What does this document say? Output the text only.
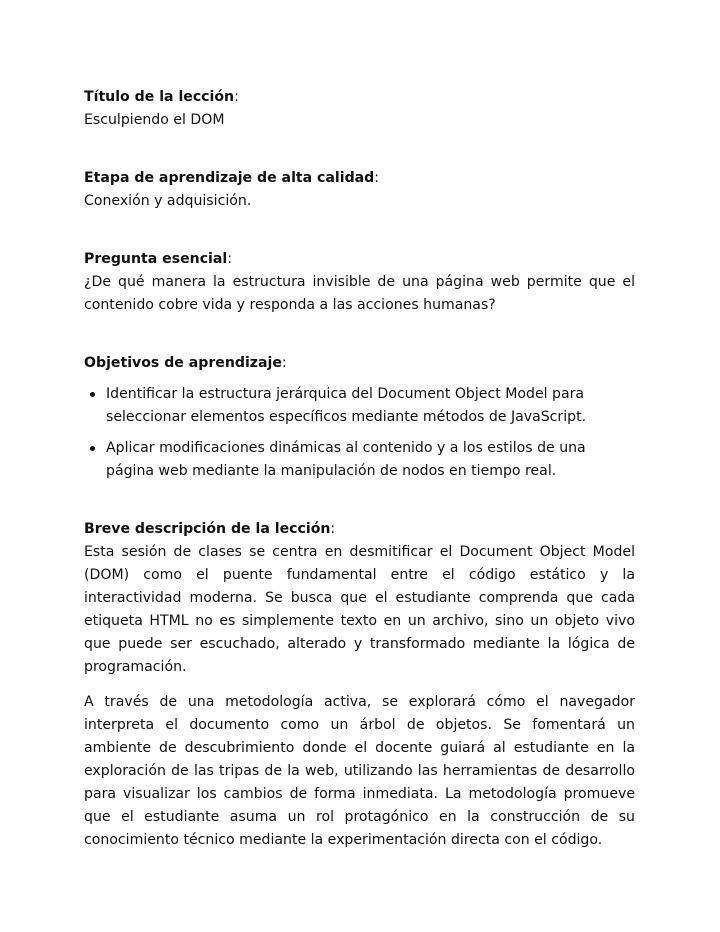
Título de la lección:

Esculpiendo el DOM

Etapa de aprendizaje de alta calidad:

Conexión y adquisición.

Pregunta esencial:

¿De qué manera la estructura invisible de una página web permite que el contenido cobre vida y responda a las acciones humanas?

Objetivos de aprendizaje:

Identificar la estructura jerárquica del Document Object Model para seleccionar elementos específicos mediante métodos de JavaScript.
Aplicar modificaciones dinámicas al contenido y a los estilos de una página web mediante la manipulación de nodos en tiempo real.

Breve descripción de la lección:

Esta sesión de clases se centra en desmitificar el Document Object Model (DOM) como el puente fundamental entre el código estático y la interactividad moderna. Se busca que el estudiante comprenda que cada etiqueta HTML no es simplemente texto en un archivo, sino un objeto vivo que puede ser escuchado, alterado y transformado mediante la lógica de programación.

A través de una metodología activa, se explorará cómo el navegador interpreta el documento como un árbol de objetos. Se fomentará un ambiente de descubrimiento donde el docente guiará al estudiante en la exploración de las tripas de la web, utilizando las herramientas de desarrollo para visualizar los cambios de forma inmediata. La metodología promueve que el estudiante asuma un rol protagónico en la construcción de su conocimiento técnico mediante la experimentación directa con el código.
